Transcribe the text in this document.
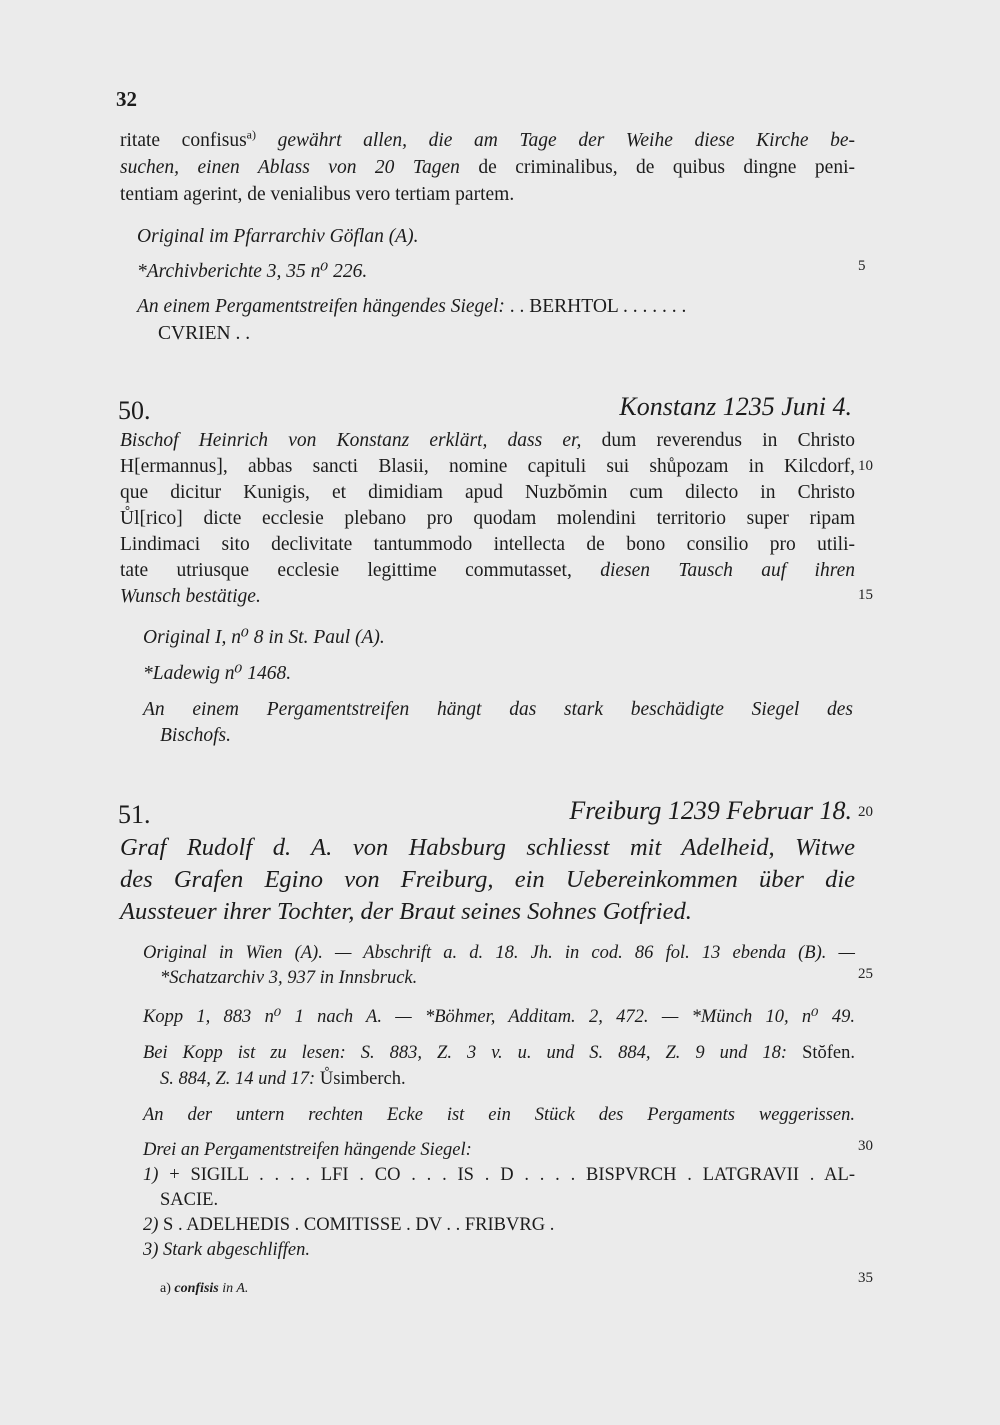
32
ritate confisus$^{a)}$ gewährt allen, die am Tage der Weihe diese Kirche be-
suchen, einen Ablass von 20 Tagen de criminalibus, de quibus dingne peni-
tentiam agerint, de venialibus vero tertiam partem.
Original im Pfarrarchiv Göflan (A).
*Archivberichte 3, 35 n⁰ 226.	5
An einem Pergamentstreifen hängendes Siegel: . . BERHTOL . . . . . . .
CVRIEN . .
50.	Konstanz 1235 Juni 4.
Bischof Heinrich von Konstanz erklärt, dass er, dum reverendus in Christo
H[ermannus], abbas sancti Blasii, nomine capituli sui shůpozam in Kilcdorf, 10
que dicitur Kunigis, et dimidiam apud Nuzbŏmin cum dilecto in Christo
Ůl[rico] dicte ecclesie plebano pro quodam molendini territorio super ripam
Lindimaci sito declivitate tantummodo intellecta de bono consilio pro utili-
tate utriusque ecclesie legittime commutasset, diesen Tausch auf ihren
Wunsch bestätige.	15
Original I, n⁰ 8 in St. Paul (A).
*Ladewig n⁰ 1468.
An einem Pergamentstreifen hängt das stark beschädigte Siegel des
Bischofs.
51.	Freiburg 1239 Februar 18. 20
Graf Rudolf d. A. von Habsburg schliesst mit Adelheid, Witwe
des Grafen Egino von Freiburg, ein Uebereinkommen über die
Aussteuer ihrer Tochter, der Braut seines Sohnes Gotfried.
Original in Wien (A). — Abschrift a. d. 18. Jh. in cod. 86 fol. 13 ebenda (B). —
*Schatzarchiv 3, 937 in Innsbruck.	25
Kopp 1, 883 n⁰ 1 nach A. — *Böhmer, Additam. 2, 472. — *Münch 10, n⁰ 49.
Bei Kopp ist zu lesen: S. 883, Z. 3 v. u. und S. 884, Z. 9 und 18: Stŏfen.
S. 884, Z. 14 und 17: Ůsimberch.
An der untern rechten Ecke ist ein Stück des Pergaments weggerissen.
Drei an Pergamentstreifen hängende Siegel:	30
1) + SIGILL . . . . LFI . CO . . . IS . D . . . . BISPVRCH . LATGRAVII . AL-
SACIE.
2) S . ADELHEDIS . COMITISSE . DV . . FRIBVRG .
3) Stark abgeschliffen.
a) confisis in A.
35
